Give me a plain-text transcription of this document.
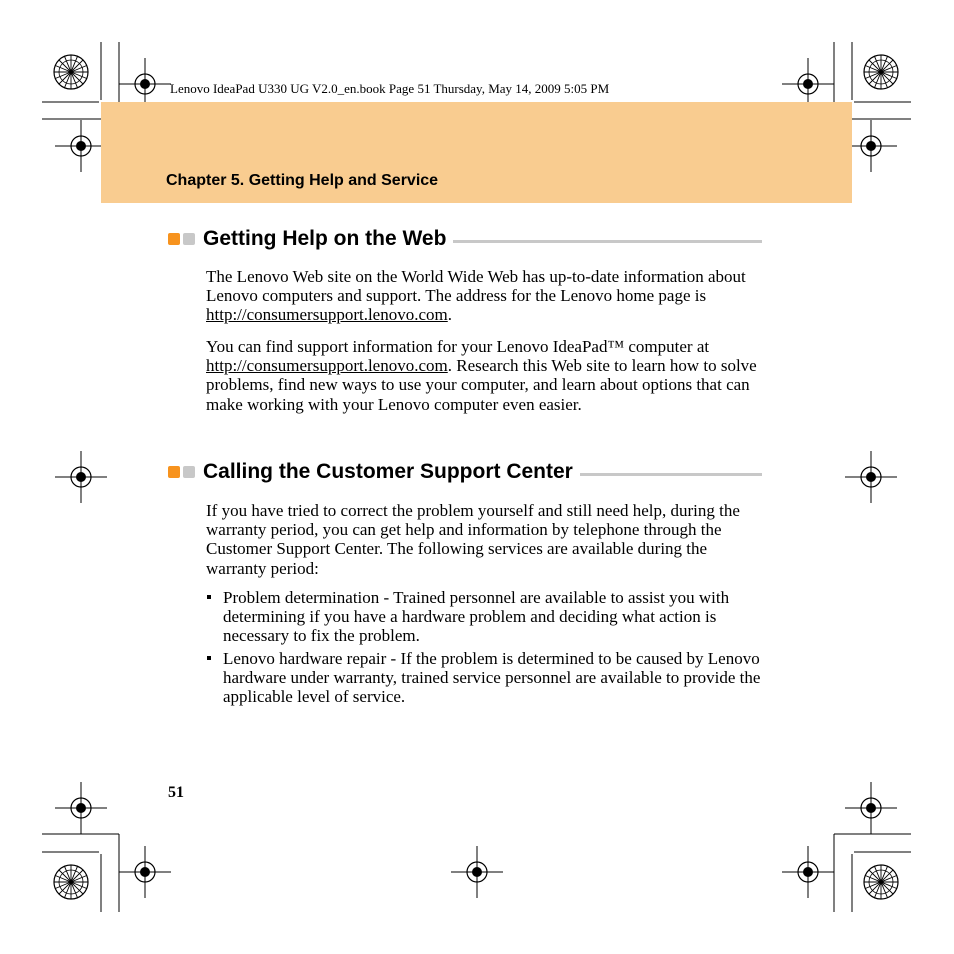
Lenovo IdeaPad U330 UG V2.0_en.book Page 51 Thursday, May 14, 2009 5:05 PM
Chapter 5. Getting Help and Service
Getting Help on the Web

The Lenovo Web site on the World Wide Web has up-to-date information about Lenovo computers and support. The address for the Lenovo home page is http://consumersupport.lenovo.com.

You can find support information for your Lenovo IdeaPad™ computer at http://consumersupport.lenovo.com. Research this Web site to learn how to solve problems, find new ways to use your computer, and learn about options that can make working with your Lenovo computer even easier.

Calling the Customer Support Center

If you have tried to correct the problem yourself and still need help, during the warranty period, you can get help and information by telephone through the Customer Support Center. The following services are available during the warranty period:

Problem determination - Trained personnel are available to assist you with determining if you have a hardware problem and deciding what action is necessary to fix the problem.
Lenovo hardware repair - If the problem is determined to be caused by Lenovo hardware under warranty, trained service personnel are available to provide the applicable level of service.
51
